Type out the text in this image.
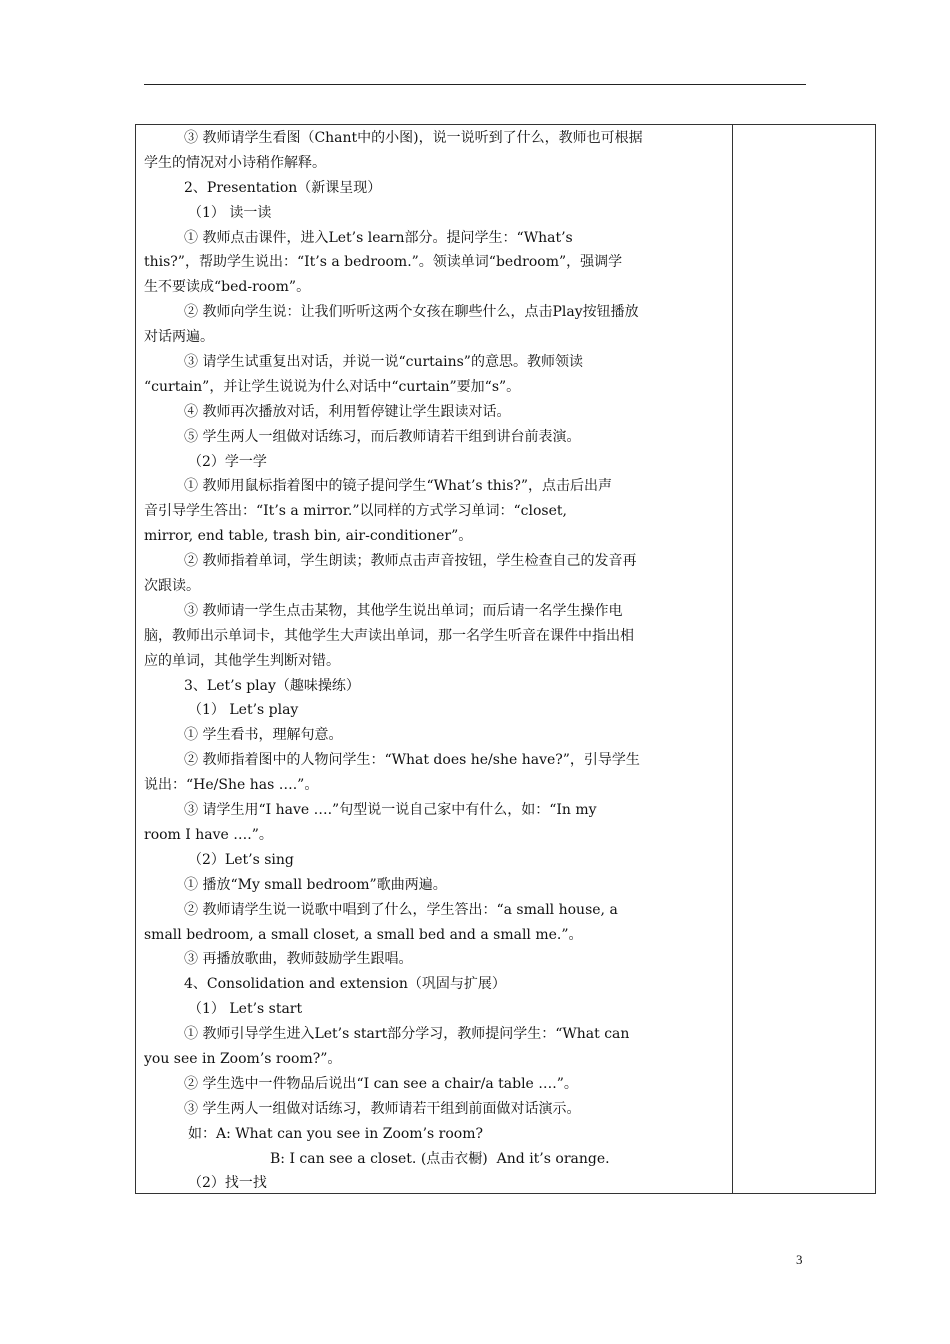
③ 教师请学生看图（Chant中的小图)，说一说听到了什么，教师也可根据
学生的情况对小诗稍作解释。
2、Presentation（新课呈现）
（1） 读一读
① 教师点击课件，进入Let’s learn部分。提问学生：“What’s
this?”，帮助学生说出：“It’s a bedroom.”。领读单词“bedroom”，强调学
生不要读成“bed-room”。
② 教师向学生说：让我们听听这两个女孩在聊些什么，点击Play按钮播放
对话两遍。
③ 请学生试重复出对话，并说一说“curtains”的意思。教师领读
“curtain”，并让学生说说为什么对话中“curtain”要加“s”。
④ 教师再次播放对话，利用暂停键让学生跟读对话。
⑤ 学生两人一组做对话练习，而后教师请若干组到讲台前表演。
（2）学一学
① 教师用鼠标指着图中的镜子提问学生“What’s this?”，点击后出声
音引导学生答出：“It’s a mirror.”以同样的方式学习单词：“closet,
mirror, end table, trash bin, air-conditioner”。
② 教师指着单词，学生朗读；教师点击声音按钮，学生检查自己的发音再
次跟读。
③ 教师请一学生点击某物，其他学生说出单词；而后请一名学生操作电
脑，教师出示单词卡，其他学生大声读出单词，那一名学生听音在课件中指出相
应的单词，其他学生判断对错。
3、Let’s play（趣味操练）
（1） Let’s play
① 学生看书，理解句意。
② 教师指着图中的人物问学生：“What does he/she have?”，引导学生
说出：“He/She has ….”。
③ 请学生用“I have ….”句型说一说自己家中有什么，如：“In my
room I have ….”。
（2）Let’s sing
① 播放“My small bedroom”歌曲两遍。
② 教师请学生说一说歌中唱到了什么，学生答出：“a small house, a
small bedroom, a small closet, a small bed and a small me.”。
③ 再播放歌曲，教师鼓励学生跟唱。
4、Consolidation and extension（巩固与扩展）
（1） Let’s start
① 教师引导学生进入Let’s start部分学习，教师提问学生：“What can
you see in Zoom’s room?”。
② 学生选中一件物品后说出“I can see a chair/a table ….”。
③ 学生两人一组做对话练习，教师请若干组到前面做对话演示。
如：A: What can you see in Zoom’s room?
B: I can see a closet. (点击衣橱)  And it’s orange.
（2）找一找
3
